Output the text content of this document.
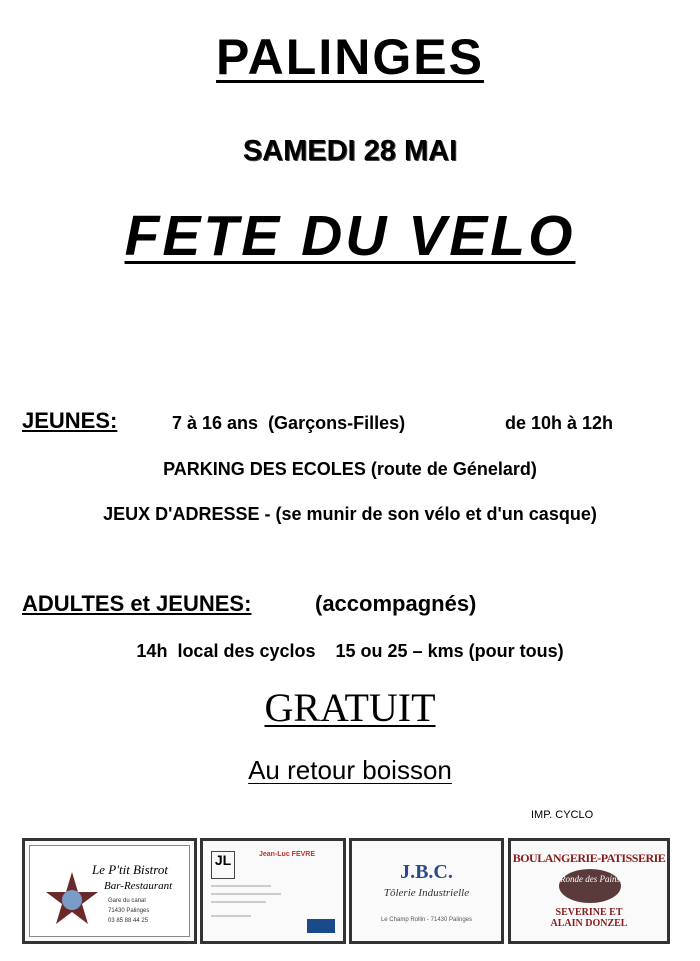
PALINGES
SAMEDI 28 MAI
FETE DU VELO
JEUNES:	7 à 16 ans  (Garçons-Filles)	de 10h à 12h
PARKING DES ECOLES (route de Génelard)
JEUX D'ADRESSE - (se munir de son vélo et d'un casque)
ADULTES et JEUNES:	(accompagnés)
14h  local des cyclos    15 ou 25 – kms (pour tous)
GRATUIT
Au retour boisson
IMP. CYCLO
Le P'tit Bistrot
Bar-Restaurant
Gare du canal
71430 Palinges
03 85 88 44 25
JL	Jean-Luc FEVRE
J.B.C.
Tôlerie Industrielle
Le Champ Rollin - 71430 Palinges
BOULANGERIE-PATISSERIE
Ronde des Pains
SEVERINE ET
ALAIN DONZEL
